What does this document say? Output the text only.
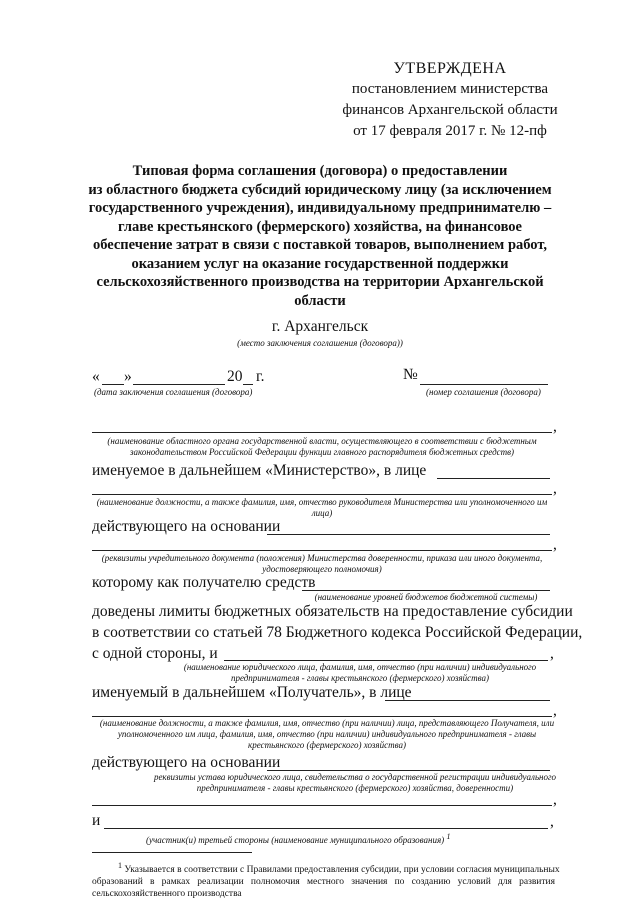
УТВЕРЖДЕНА
постановлением министерства
финансов Архангельской области
от 17 февраля 2017 г. № 12-пф
Типовая форма соглашения (договора) о предоставлении
из областного бюджета субсидий юридическому лицу (за исключением
государственного учреждения), индивидуальному предпринимателю –
главе крестьянского (фермерского) хозяйства, на финансовое
обеспечение затрат в связи с поставкой товаров, выполнением работ,
оказанием услуг на оказание государственной поддержки
сельскохозяйственного производства на территории Архангельской
области
г. Архангельск
(место заключения соглашения (договора))
« »	20 г.	№
(дата заключения соглашения (договора)	(номер соглашения (договора)
,
(наименование областного органа государственной власти, осуществляющего в соответствии с бюджетным
законодательством Российской Федерации функции главного распорядителя бюджетных средств)
именуемое в дальнейшем «Министерство», в лице
,
(наименование должности, а также фамилия, имя, отчество руководителя Министерства или уполномоченного им
лица)
действующего на основании
,
(реквизиты учредительного документа (положения) Министерства доверенности, приказа или иного документа,
удостоверяющего полномочия)
которому как получателю средств
(наименование уровней бюджетов бюджетной системы)
доведены лимиты бюджетных обязательств на предоставление субсидии
в соответствии со статьей 78 Бюджетного кодекса Российской Федерации,
с одной стороны, и	,
(наименование юридического лица, фамилия, имя, отчество (при наличии) индивидуального
предпринимателя - главы крестьянского (фермерского) хозяйства)
именуемый в дальнейшем «Получатель», в лице
,
(наименование должности, а также фамилия, имя, отчество (при наличии) лица, представляющего Получателя, или
уполномоченного им лица, фамилия, имя, отчество (при наличии) индивидуального предпринимателя - главы
крестьянского (фермерского) хозяйства)
действующего на основании
реквизиты устава юридического лица, свидетельства о государственной регистрации индивидуального
предпринимателя - главы крестьянского (фермерского) хозяйства, доверенности)
,
и	,
(участник(и) третьей стороны (наименование муниципального образования) 1
$^1$ Указывается в соответствии с Правилами предоставления субсидии, при условии согласия муниципальных
образований в рамках реализации полномочия местного значения по созданию условий для развития
сельскохозяйственного производства
